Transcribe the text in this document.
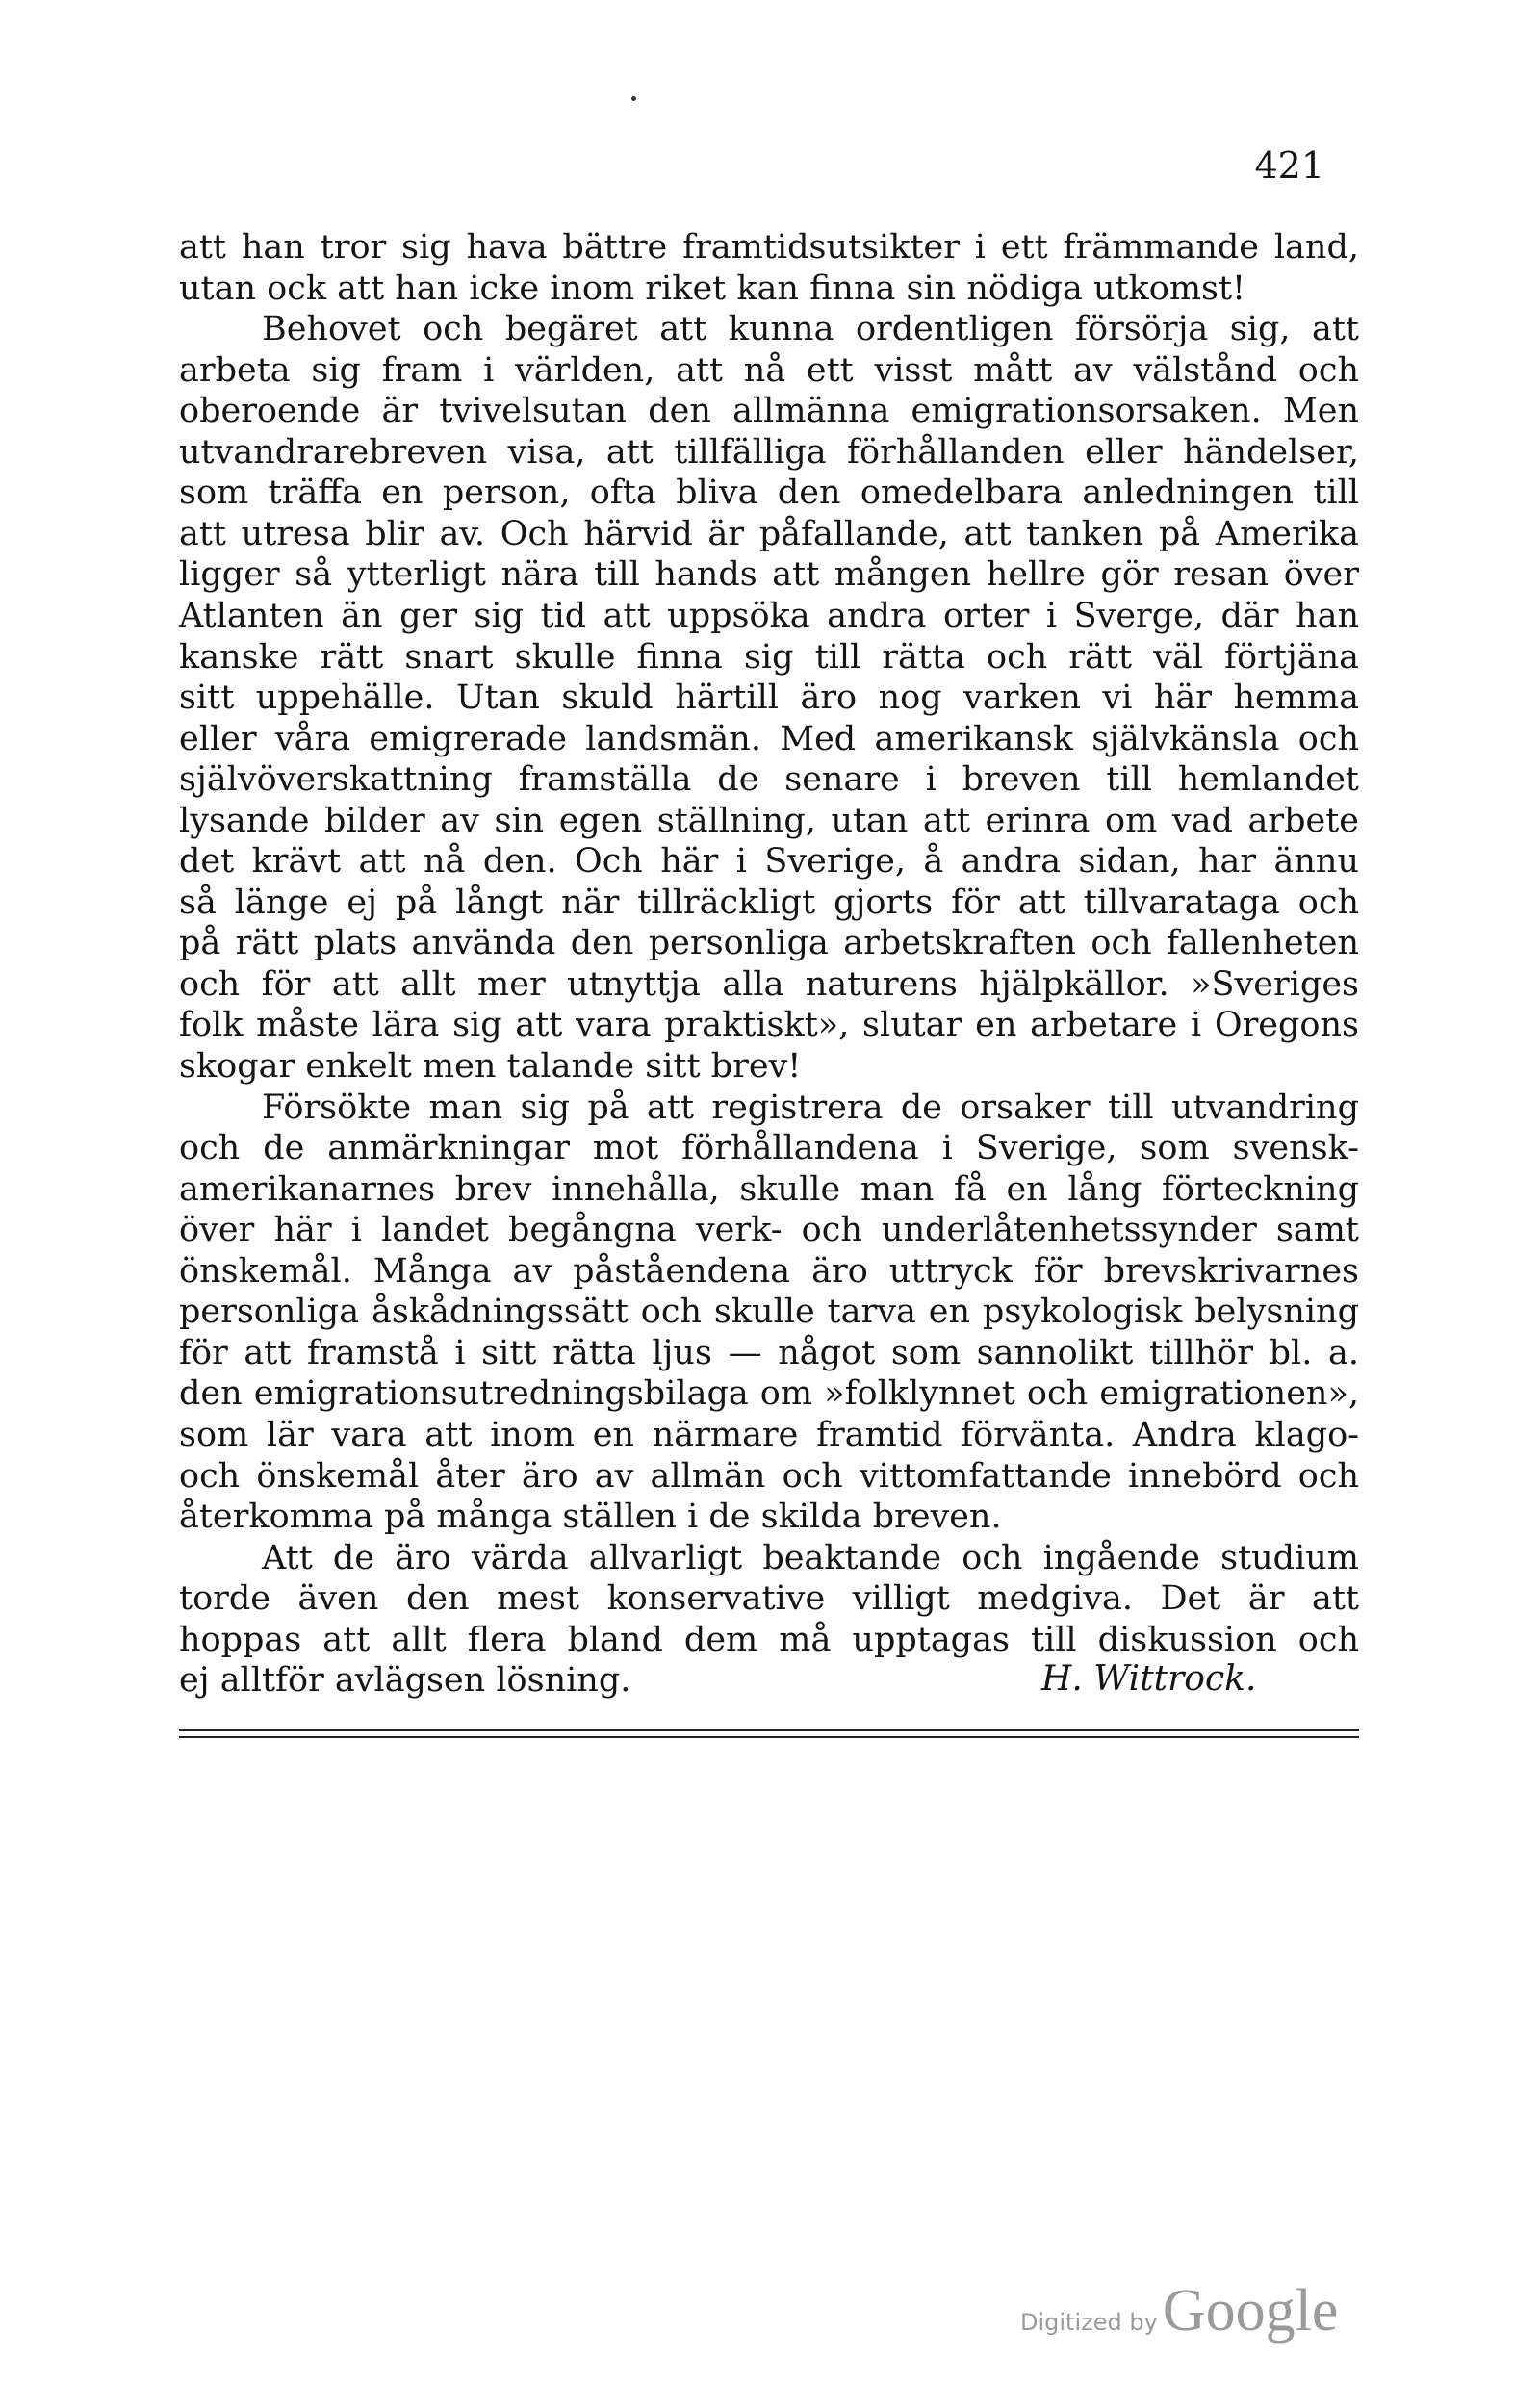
421
att han tror sig hava bättre framtidsutsikter i ett främmande land,
utan ock att han icke inom riket kan finna sin nödiga utkomst!
Behovet och begäret att kunna ordentligen försörja sig, att
arbeta sig fram i världen, att nå ett visst mått av välstånd och
oberoende är tvivelsutan den allmänna emigrationsorsaken. Men
utvandrarebreven visa, att tillfälliga förhållanden eller händelser,
som träffa en person, ofta bliva den omedelbara anledningen till
att utresa blir av. Och härvid är påfallande, att tanken på Amerika
ligger så ytterligt nära till hands att mången hellre gör resan över
Atlanten än ger sig tid att uppsöka andra orter i Sverge, där han
kanske rätt snart skulle finna sig till rätta och rätt väl förtjäna
sitt uppehälle. Utan skuld härtill äro nog varken vi här hemma
eller våra emigrerade landsmän. Med amerikansk självkänsla och
självöverskattning framställa de senare i breven till hemlandet
lysande bilder av sin egen ställning, utan att erinra om vad arbete
det krävt att nå den. Och här i Sverige, å andra sidan, har ännu
så länge ej på långt när tillräckligt gjorts för att tillvaratagа och
på rätt plats använda den personliga arbetskraften och fallenheten
och för att allt mer utnyttja alla naturens hjälpkällor. »Sveriges
folk måste lära sig att vara praktiskt», slutar en arbetare i Oregons
skogar enkelt men talande sitt brev!
Försökte man sig på att registrera de orsaker till utvandring
och de anmärkningar mot förhållandena i Sverige, som svensk-
amerikanarnes brev innehålla, skulle man få en lång förteckning
över här i landet begångna verk- och underlåtenhetssynder samt
önskemål. Många av påståendena äro uttryck för brevskrivarnes
personliga åskådningssätt och skulle tarva en psykologisk belysning
för att framstå i sitt rätta ljus — något som sannolikt tillhör bl. a.
den emigrationsutredningsbilaga om »folklynnet och emigrationen»,
som lär vara att inom en närmare framtid förvänta. Andra klago-
och önskemål åter äro av allmän och vittomfattande innebörd och
återkomma på många ställen i de skilda breven.
Att de äro värda allvarligt beaktande och ingående studium
torde även den mest konservative villigt medgiva. Det är att
hoppas att allt flera bland dem må upptagas till diskussion och
ej alltför avlägsen lösning.	H. Wittrock.
Digitized by Google
